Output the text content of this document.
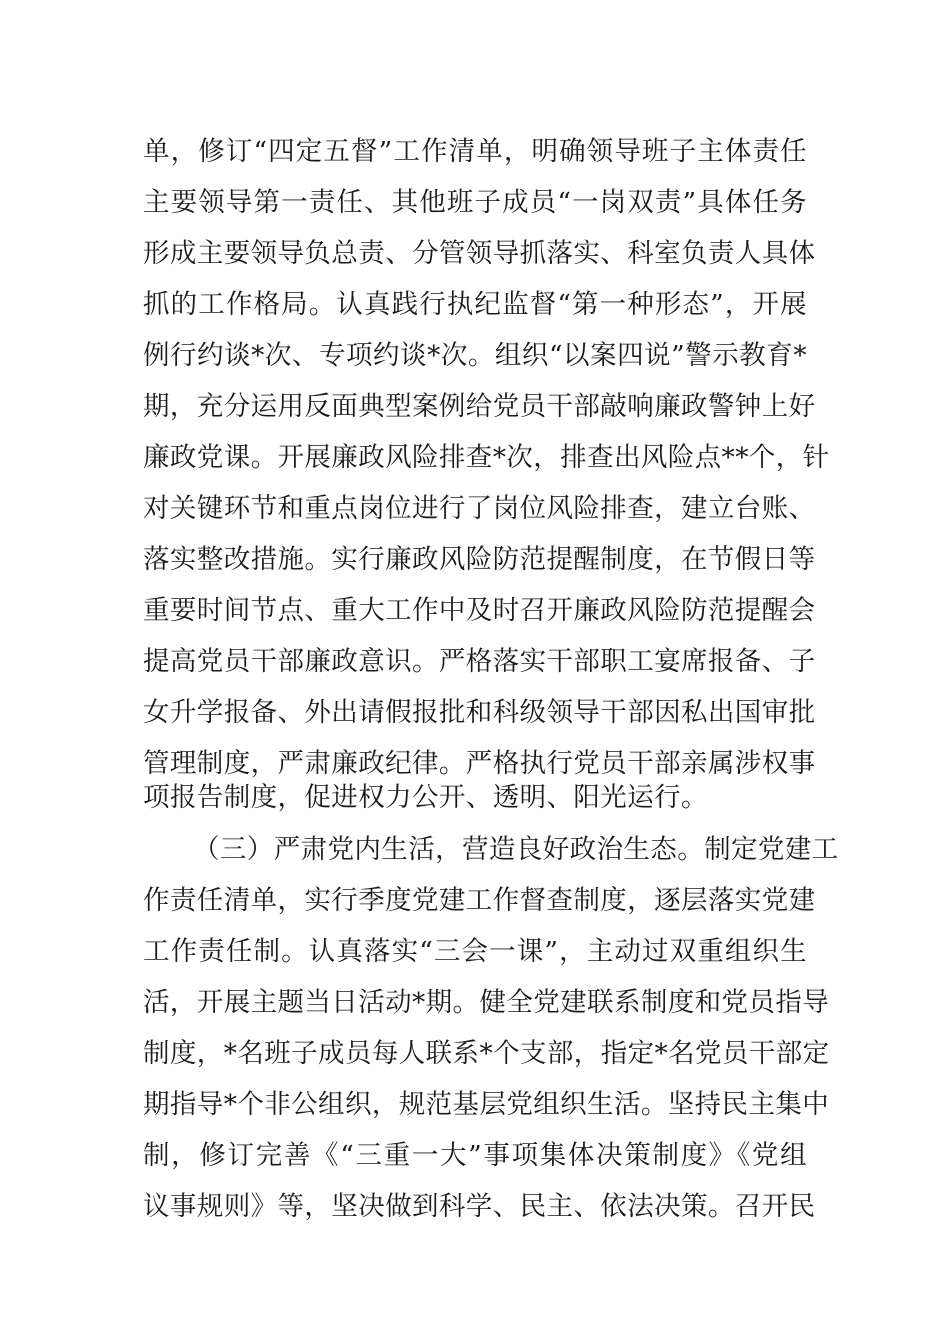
单，修订“四定五督”工作清单，明确领导班子主体责任
主要领导第一责任、其他班子成员“一岗双责”具体任务
形成主要领导负总责、分管领导抓落实、科室负责人具体
抓的工作格局。认真践行执纪监督“第一种形态”，开展
例行约谈*次、专项约谈*次。组织“以案四说”警示教育*
期，充分运用反面典型案例给党员干部敲响廉政警钟上好
廉政党课。开展廉政风险排查*次，排查出风险点**个，针
对关键环节和重点岗位进行了岗位风险排查，建立台账、
落实整改措施。实行廉政风险防范提醒制度，在节假日等
重要时间节点、重大工作中及时召开廉政风险防范提醒会
提高党员干部廉政意识。严格落实干部职工宴席报备、子
女升学报备、外出请假报批和科级领导干部因私出国审批
管理制度，严肃廉政纪律。严格执行党员干部亲属涉权事
项报告制度，促进权力公开、透明、阳光运行。
（三）严肃党内生活，营造良好政治生态。制定党建工
作责任清单，实行季度党建工作督查制度，逐层落实党建
工作责任制。认真落实“三会一课”，主动过双重组织生
活，开展主题当日活动*期。健全党建联系制度和党员指导
制度，*名班子成员每人联系*个支部，指定*名党员干部定
期指导*个非公组织，规范基层党组织生活。坚持民主集中
制，修订完善《“三重一大”事项集体决策制度》《党组
议事规则》等，坚决做到科学、民主、依法决策。召开民
